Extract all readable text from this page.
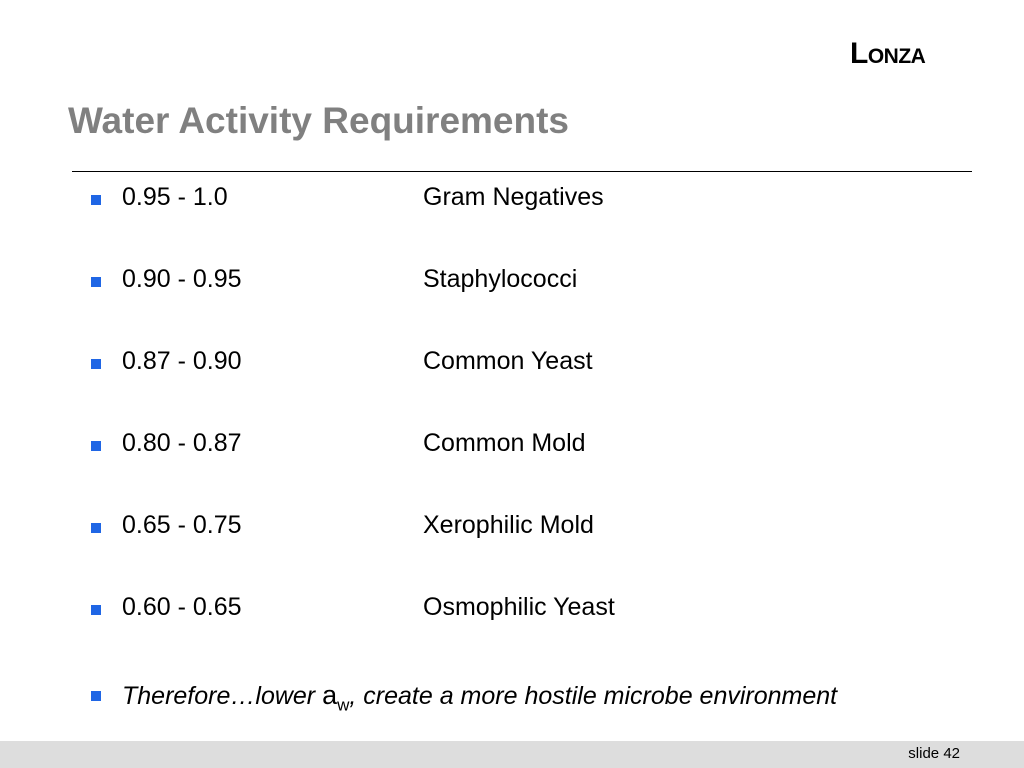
Lonza
Water Activity Requirements
0.95 - 1.0	Gram Negatives
0.90 - 0.95	Staphylococci
0.87 - 0.90	Common Yeast
0.80 - 0.87	Common Mold
0.65 - 0.75	Xerophilic Mold
0.60 - 0.65	Osmophilic Yeast
Therefore…lower $a_w$, create a more hostile microbe environment
slide 42
